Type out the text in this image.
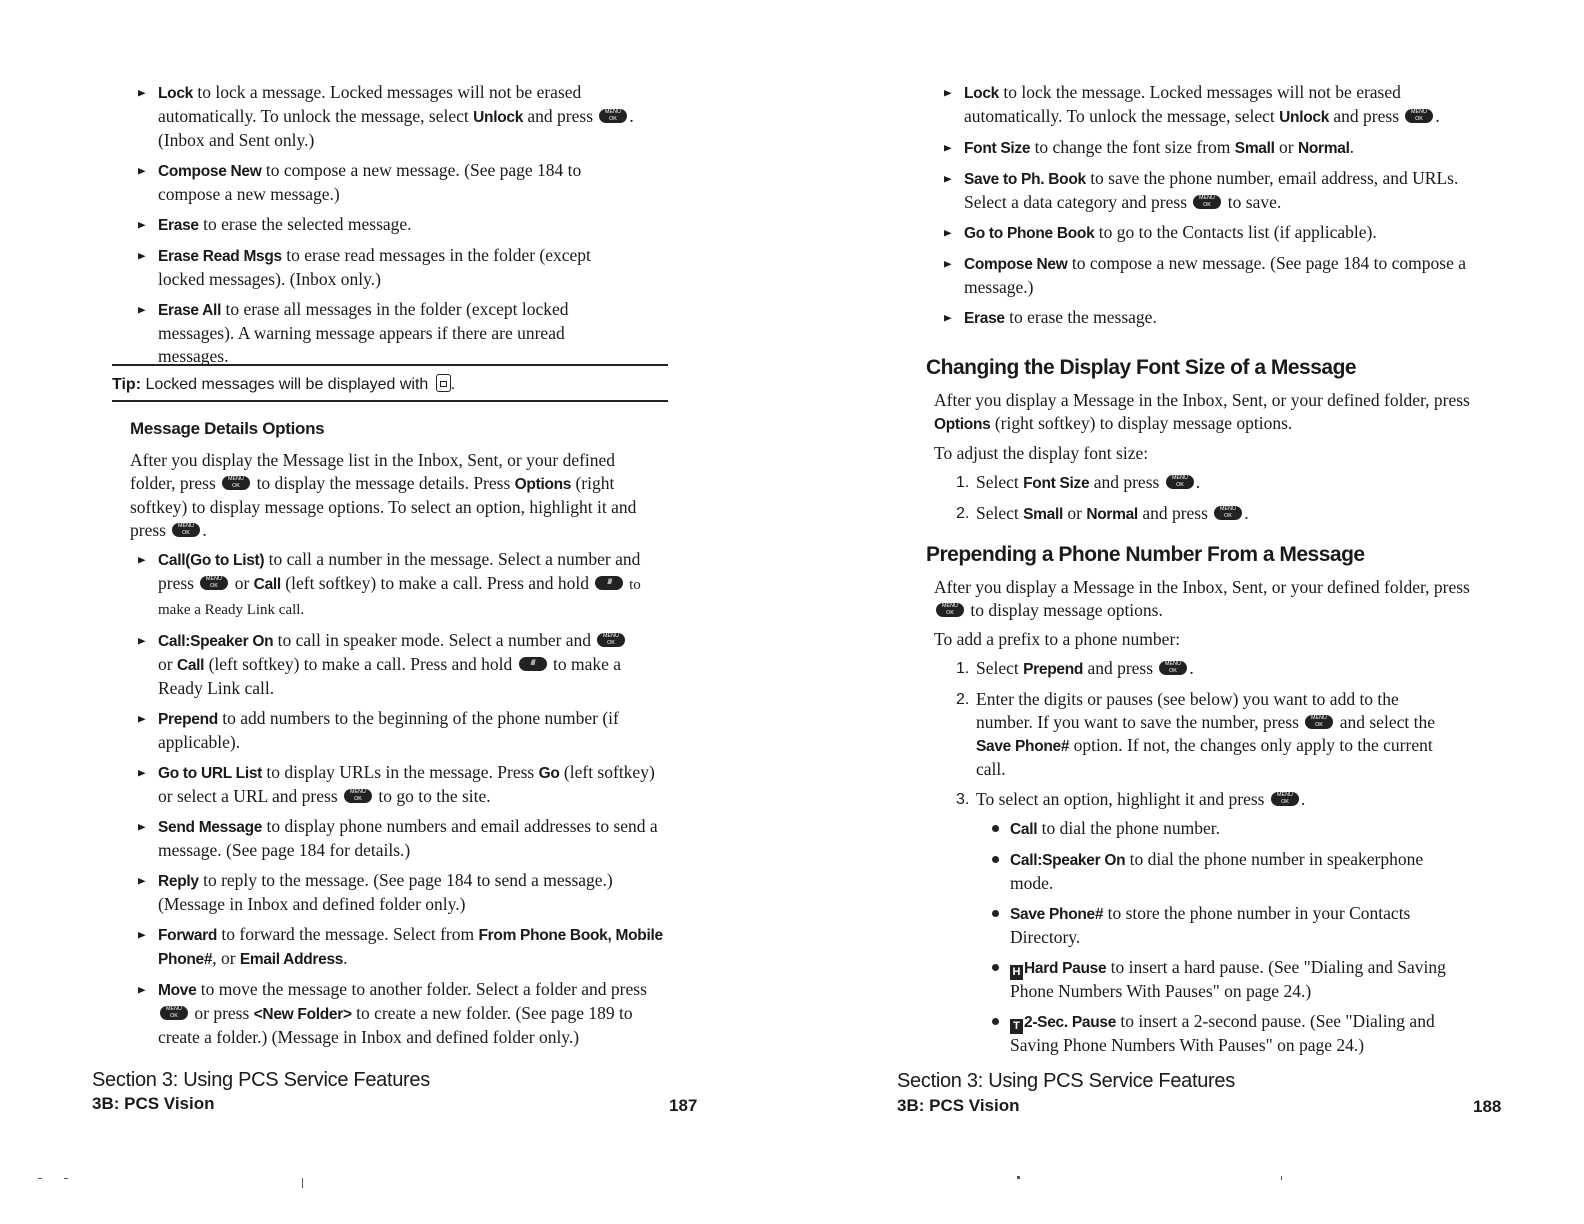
▶ Lock to lock a message. Locked messages will not be erased automatically. To unlock the message, select Unlock and press	MENU
OK . (Inbox and Sent only.)
▶ Compose New to compose a new message. (See page 184 to compose a new message.)
▶ Erase to erase the selected message.
▶ Erase Read Msgs to erase read messages in the folder (except locked messages). (Inbox only.)
▶ Erase All to erase all messages in the folder (except locked messages). A warning message appears if there are unread messages.
Tip: Locked messages will be displayed with .
Message Details Options

After you display the Message list in the Inbox, Sent, or your defined folder, press	MENU
OK to display the message details. Press Options (right softkey) to display message options. To select an option, highlight it and press	MENU
OK .

▶ Call(Go to List) to call a number in the message. Select a number and press	MENU
OK or Call (left softkey) to make a call. Press and hold //// to make a Ready Link call.
▶ Call:Speaker On to call in speaker mode. Select a number and	MENU
OK

or Call (left softkey) to make a call. Press and hold //// to make a Ready Link call.
▶ Prepend to add numbers to the beginning of the phone number (if applicable).
▶ Go to URL List to display URLs in the message. Press Go (left softkey) or select a URL and press	MENU
OK to go to the site.
▶ Send Message to display phone numbers and email addresses to send a message. (See page 184 for details.)
▶ Reply to reply to the message. (See page 184 to send a message.) (Message in Inbox and defined folder only.)
▶ Forward to forward the message. Select from From Phone Book, Mobile Phone#, or Email Address.
▶ Move to move the message to another folder. Select a folder and press
MENU
OK or press <New Folder> to create a new folder. (See page 189 to create a folder.) (Message in Inbox and defined folder only.)
Section 3: Using PCS Service Features
3B: PCS Vision	187
▶ Lock to lock the message. Locked messages will not be erased automatically. To unlock the message, select Unlock and press	MENU
OK .
▶ Font Size to change the font size from Small or Normal.
▶ Save to Ph. Book to save the phone number, email address, and URLs. Select a data category and press	MENU
OK to save.
▶ Go to Phone Book to go to the Contacts list (if applicable).
▶ Compose New to compose a new message. (See page 184 to compose a message.)
▶ Erase to erase the message.
Changing the Display Font Size of a Message

After you display a Message in the Inbox, Sent, or your defined folder, press Options (right softkey) to display message options.

To adjust the display font size:

1. Select Font Size and press	MENU
OK .
2. Select Small or Normal and press	MENU
OK .
Prepending a Phone Number From a Message

After you display a Message in the Inbox, Sent, or your defined folder, press
MENU
OK to display message options.

To add a prefix to a phone number:

1. Select Prepend and press	MENU
OK .
2. Enter the digits or pauses (see below) you want to add to the number. If you want to save the number, press	MENU
OK and select the Save Phone# option. If not, the changes only apply to the current call.
3. To select an option, highlight it and press	MENU
OK .
Call to dial the phone number.
Call:Speaker On to dial the phone number in speakerphone mode.
Save Phone# to store the phone number in your Contacts Directory.
H Hard Pause to insert a hard pause. (See "Dialing and Saving Phone Numbers With Pauses" on page 24.)
T 2-Sec. Pause to insert a 2-second pause. (See "Dialing and Saving Phone Numbers With Pauses" on page 24.)
Section 3: Using PCS Service Features
3B: PCS Vision	188
